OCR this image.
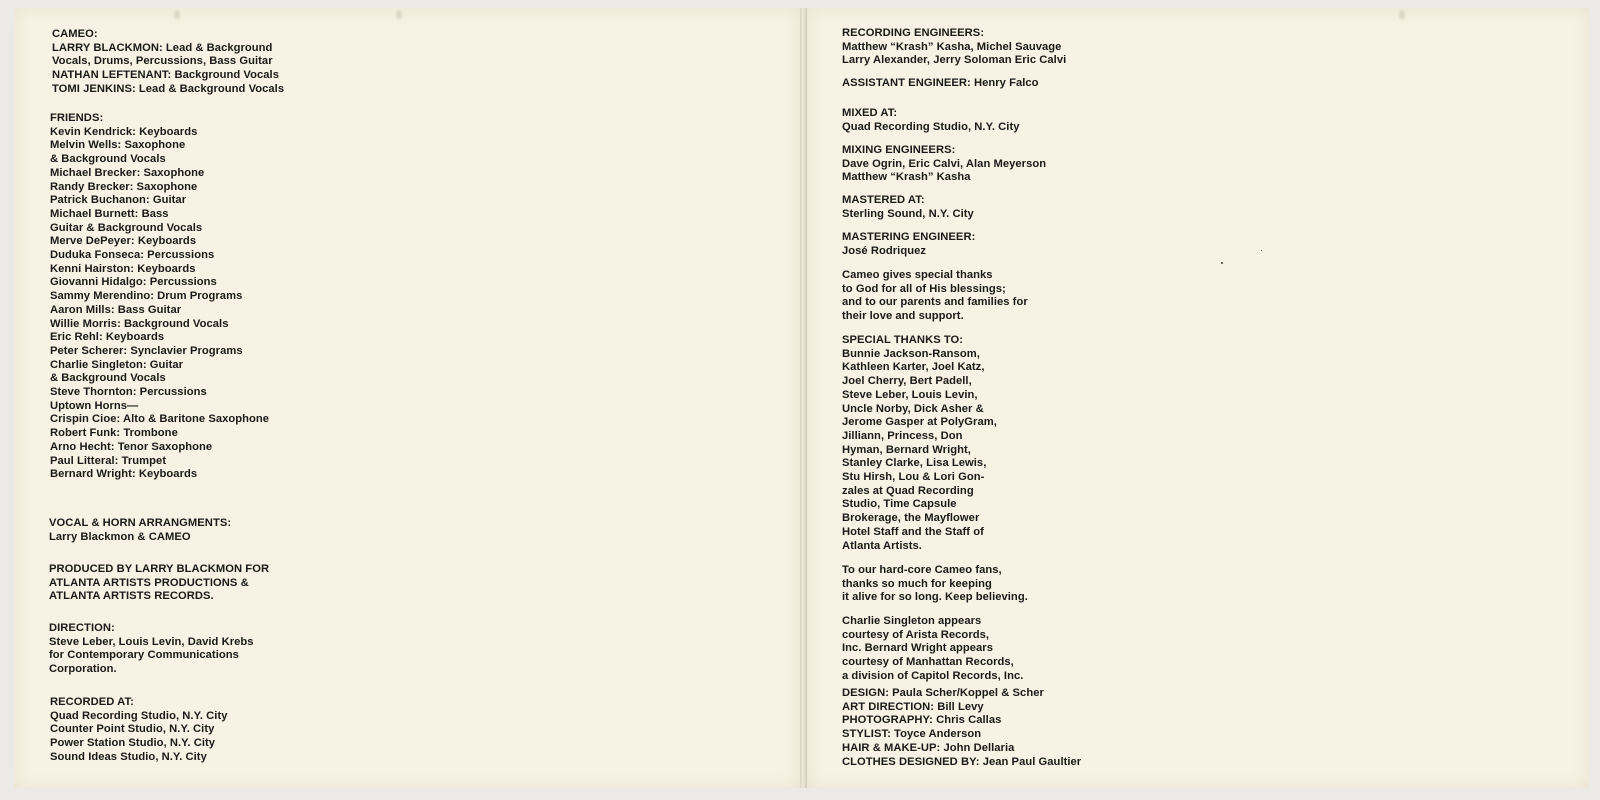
CAMEO:
LARRY BLACKMON: Lead & Background
Vocals, Drums, Percussions, Bass Guitar
NATHAN LEFTENANT: Background Vocals
TOMI JENKINS: Lead & Background Vocals
FRIENDS:
Kevin Kendrick: Keyboards
Melvin Wells: Saxophone
& Background Vocals
Michael Brecker: Saxophone
Randy Brecker: Saxophone
Patrick Buchanon: Guitar
Michael Burnett: Bass
Guitar & Background Vocals
Merve DePeyer: Keyboards
Duduka Fonseca: Percussions
Kenni Hairston: Keyboards
Giovanni Hidalgo: Percussions
Sammy Merendino: Drum Programs
Aaron Mills: Bass Guitar
Willie Morris: Background Vocals
Eric Rehl: Keyboards
Peter Scherer: Synclavier Programs
Charlie Singleton: Guitar
& Background Vocals
Steve Thornton: Percussions
Uptown Horns—
Crispin Cioe: Alto & Baritone Saxophone
Robert Funk: Trombone
Arno Hecht: Tenor Saxophone
Paul Litteral: Trumpet
Bernard Wright: Keyboards
VOCAL & HORN ARRANGMENTS:
Larry Blackmon & CAMEO
PRODUCED BY LARRY BLACKMON FOR
ATLANTA ARTISTS PRODUCTIONS &
ATLANTA ARTISTS RECORDS.
DIRECTION:
Steve Leber, Louis Levin, David Krebs
for Contemporary Communications
Corporation.
RECORDED AT:
Quad Recording Studio, N.Y. City
Counter Point Studio, N.Y. City
Power Station Studio, N.Y. City
Sound Ideas Studio, N.Y. City
RECORDING ENGINEERS:
Matthew “Krash” Kasha, Michel Sauvage
Larry Alexander, Jerry Soloman Eric Calvi
ASSISTANT ENGINEER: Henry Falco
MIXED AT:
Quad Recording Studio, N.Y. City
MIXING ENGINEERS:
Dave Ogrin, Eric Calvi, Alan Meyerson
Matthew “Krash” Kasha
MASTERED AT:
Sterling Sound, N.Y. City
MASTERING ENGINEER:
José Rodriquez
Cameo gives special thanks
to God for all of His blessings;
and to our parents and families for
their love and support.
SPECIAL THANKS TO:
Bunnie Jackson-Ransom,
Kathleen Karter, Joel Katz,
Joel Cherry, Bert Padell,
Steve Leber, Louis Levin,
Uncle Norby, Dick Asher &
Jerome Gasper at PolyGram,
Jilliann, Princess, Don
Hyman, Bernard Wright,
Stanley Clarke, Lisa Lewis,
Stu Hirsh, Lou & Lori Gon-
zales at Quad Recording
Studio, Time Capsule
Brokerage, the Mayflower
Hotel Staff and the Staff of
Atlanta Artists.
To our hard-core Cameo fans,
thanks so much for keeping
it alive for so long. Keep believing.
Charlie Singleton appears
courtesy of Arista Records,
Inc. Bernard Wright appears
courtesy of Manhattan Records,
a division of Capitol Records, Inc.
DESIGN: Paula Scher/Koppel & Scher
ART DIRECTION: Bill Levy
PHOTOGRAPHY: Chris Callas
STYLIST: Toyce Anderson
HAIR & MAKE-UP: John Dellaria
CLOTHES DESIGNED BY: Jean Paul Gaultier
